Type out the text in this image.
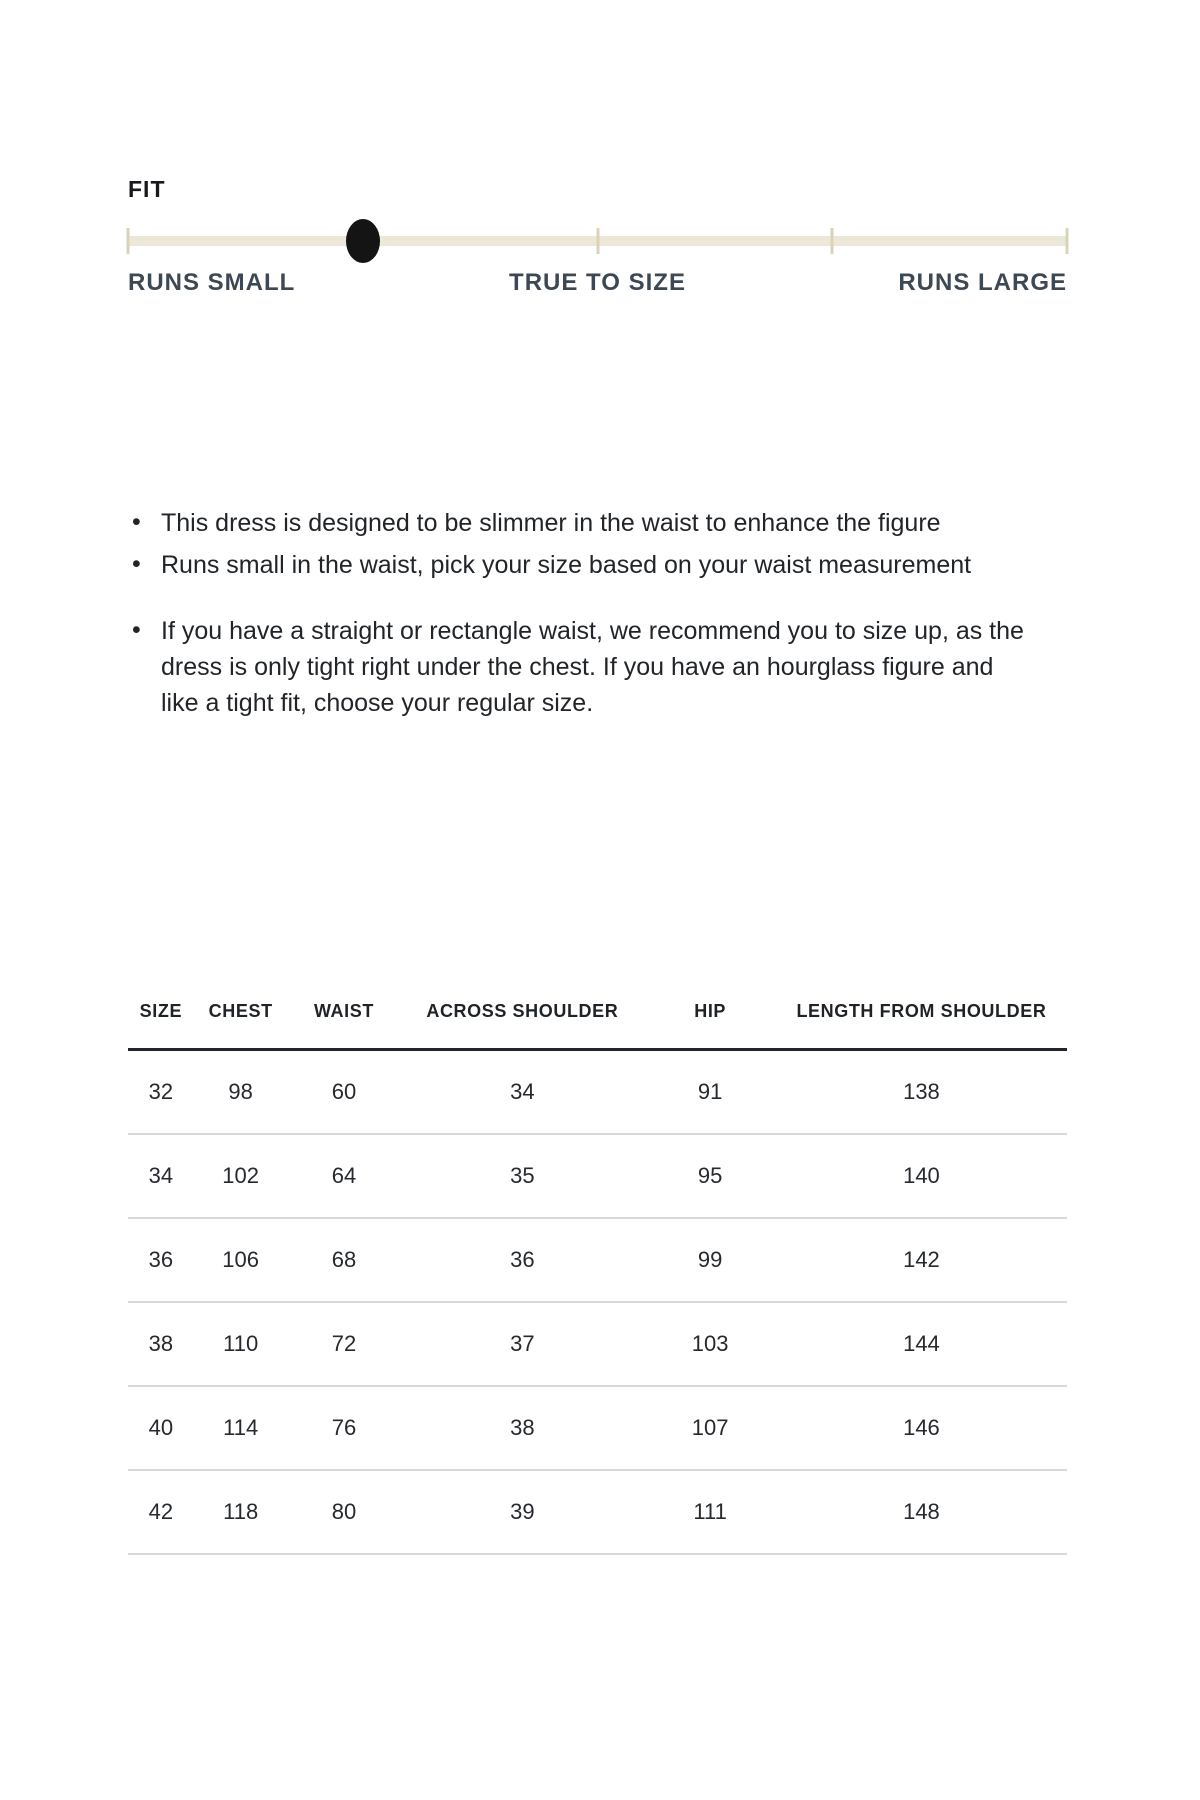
FIT
RUNS SMALL	TRUE TO SIZE	RUNS LARGE
• This dress is designed to be slimmer in the waist to enhance the figure
• Runs small in the waist, pick your size based on your waist measurement
• If you have a straight or rectangle waist, we recommend you to size up, as the dress is only tight right under the chest. If you have an hourglass figure and like a tight fit, choose your regular size.
SIZE	CHEST	WAIST	ACROSS SHOULDER	HIP	LENGTH FROM SHOULDER
32	98	60	34	91	138
34	102	64	35	95	140
36	106	68	36	99	142
38	110	72	37	103	144
40	114	76	38	107	146
42	118	80	39	111	148
